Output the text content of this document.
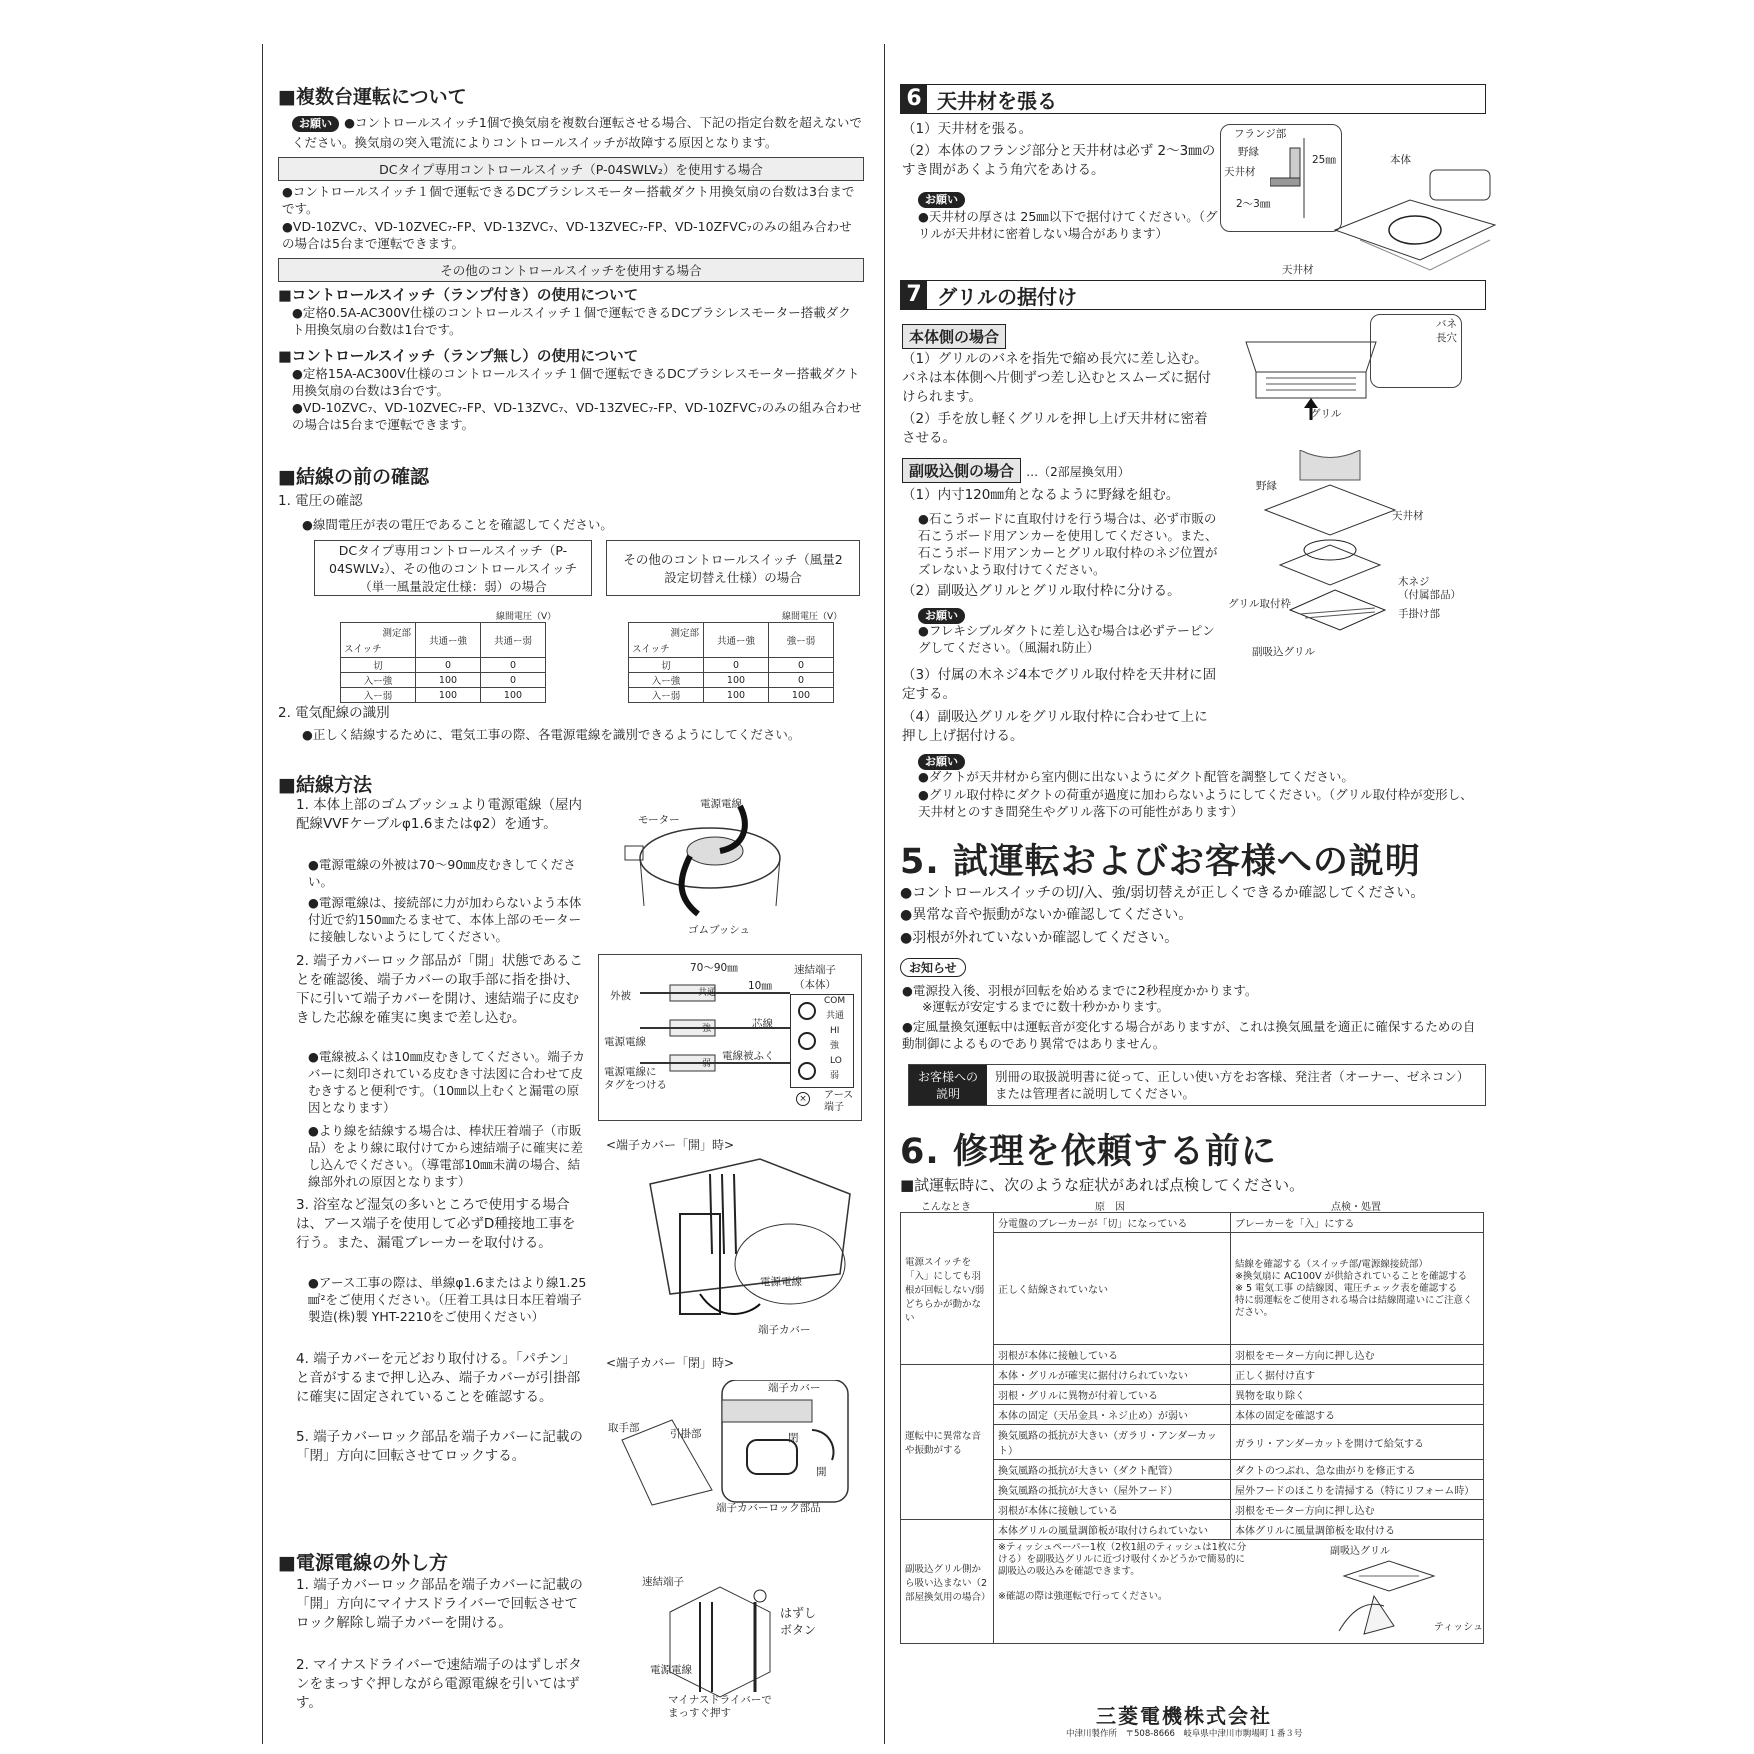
■複数台運転について
お願い ●コントロールスイッチ1個で換気扇を複数台運転させる場合、下記の指定台数を超えないでください。換気扇の突入電流によりコントロールスイッチが故障する原因となります。
DCタイプ専用コントロールスイッチ（P-04SWLV₂）を使用する場合
●コントロールスイッチ１個で運転できるDCブラシレスモーター搭載ダクト用換気扇の台数は3台までです。
●VD-10ZVC₇、VD-10ZVEC₇-FP、VD-13ZVC₇、VD-13ZVEC₇-FP、VD-10ZFVC₇のみの組み合わせの場合は5台まで運転できます。
その他のコントロールスイッチを使用する場合
■コントロールスイッチ（ランプ付き）の使用について
●定格0.5A-AC300V仕様のコントロールスイッチ１個で運転できるDCブラシレスモーター搭載ダクト用換気扇の台数は1台です。
■コントロールスイッチ（ランプ無し）の使用について
●定格15A-AC300V仕様のコントロールスイッチ１個で運転できるDCブラシレスモーター搭載ダクト用換気扇の台数は3台です。
●VD-10ZVC₇、VD-10ZVEC₇-FP、VD-13ZVC₇、VD-13ZVEC₇-FP、VD-10ZFVC₇のみの組み合わせの場合は5台まで運転できます。
■結線の前の確認
1. 電圧の確認
●線間電圧が表の電圧であることを確認してください。
DCタイプ専用コントロールスイッチ（P-04SWLV₂）、その他のコントロールスイッチ（単一風量設定仕様：弱）の場合
その他のコントロールスイッチ（風量2設定切替え仕様）の場合
線間電圧（V）
測定部
スイッチ	共通ー強	共通ー弱
切	0	0
入ー強	100	0
入ー弱	100	100
線間電圧（V）
測定部
スイッチ	共通ー強	強ー弱
切	0	0
入ー強	100	0
入ー弱	100	100
2. 電気配線の識別
●正しく結線するために、電気工事の際、各電源電線を識別できるようにしてください。
■結線方法
1. 本体上部のゴムブッシュより電源電線（屋内配線VVFケーブルφ1.6またはφ2）を通す。
●電源電線の外被は70〜90㎜皮むきしてください。
●電源電線は、接続部に力が加わらないよう本体付近で約150㎜たるませて、本体上部のモーターに接触しないようにしてください。
2. 端子カバーロック部品が「開」状態であることを確認後、端子カバーの取手部に指を掛け、下に引いて端子カバーを開け、速結端子に皮むきした芯線を確実に奥まで差し込む。
●電線被ふくは10㎜皮むきしてください。端子カバーに刻印されている皮むき寸法図に合わせて皮むきすると便利です。（10㎜以上むくと漏電の原因となります）
●より線を結線する場合は、棒状圧着端子（市販品）をより線に取付けてから速結端子に確実に差し込んでください。（導電部10㎜未満の場合、結線部外れの原因となります）
3. 浴室など湿気の多いところで使用する場合は、アース端子を使用して必ずD種接地工事を行う。また、漏電ブレーカーを取付ける。
●アース工事の際は、単線φ1.6またはより線1.25㎟²をご使用ください。（圧着工具は日本圧着端子製造(株)製 YHT-2210をご使用ください）
4. 端子カバーを元どおり取付ける。「パチン」と音がするまで押し込み、端子カバーが引掛部に確実に固定されていることを確認する。
5. 端子カバーロック部品を端子カバーに記載の「閉」方向に回転させてロックする。
■電源電線の外し方
1. 端子カバーロック部品を端子カバーに記載の「開」方向にマイナスドライバーで回転させてロック解除し端子カバーを開ける。
2. マイナスドライバーで速結端子のはずしボタンをまっすぐ押しながら電源電線を引いてはずす。
電源電線
モーター
ゴムブッシュ
70〜90㎜
10㎜
速結端子
（本体）
外被
電源電線
芯線
電線被ふく
電源電線に
タグをつける
共通
強
弱
COM
共通
HI
強
LO
弱
×	アース
端子
<端子カバー「開」時>
電源電線
端子カバー
<端子カバー「閉」時>
端子カバー
取手部	引掛部	閉
開
端子カバーロック部品
速結端子
はずし
ボタン
電源電線
マイナスドライバーで
まっすぐ押す
6 天井材を張る
（1）天井材を張る。
（2）本体のフランジ部分と天井材は必ず 2〜3㎜のすき間があくよう角穴をあける。
お願い
●天井材の厚さは 25㎜以下で据付けてください。（グリルが天井材に密着しない場合があります）
フランジ部
野縁
天井材
2〜3㎜
25㎜	本体
天井材
7 グリルの据付け
本体側の場合
（1）グリルのバネを指先で縮め長穴に差し込む。バネは本体側へ片側ずつ差し込むとスムーズに据付けられます。
（2）手を放し軽くグリルを押し上げ天井材に密着させる。
グリル
バネ
長穴
副吸込側の場合 …（2部屋換気用）
（1）内寸120㎜角となるように野縁を組む。
●石こうボードに直取付けを行う場合は、必ず市販の石こうボード用アンカーを使用してください。また、石こうボード用アンカーとグリル取付枠のネジ位置がズレないよう取付けてください。
（2）副吸込グリルとグリル取付枠に分ける。
お願い
●フレキシブルダクトに差し込む場合は必ずテーピングしてください。（風漏れ防止）
（3）付属の木ネジ4本でグリル取付枠を天井材に固定する。
（4）副吸込グリルをグリル取付枠に合わせて上に押し上げ据付ける。
野縁
天井材
木ネジ
（付属部品）
グリル取付枠
手掛け部
副吸込グリル
お願い
●ダクトが天井材から室内側に出ないようにダクト配管を調整してください。
●グリル取付枠にダクトの荷重が過度に加わらないようにしてください。（グリル取付枠が変形し、天井材とのすき間発生やグリル落下の可能性があります）
5. 試運転およびお客様への説明
●コントロールスイッチの切/入、強/弱切替えが正しくできるか確認してください。
●異常な音や振動がないか確認してください。
●羽根が外れていないか確認してください。
お知らせ
●電源投入後、羽根が回転を始めるまでに2秒程度かかります。
※運転が安定するまでに数十秒かかります。
●定風量換気運転中は運転音が変化する場合がありますが、これは換気風量を適正に確保するための自動制御によるものであり異常ではありません。
お客様への説明
別冊の取扱説明書に従って、正しい使い方をお客様、発注者（オーナー、ゼネコン）または管理者に説明してください。
6. 修理を依頼する前に
■試運転時に、次のような症状があれば点検してください。
こんなとき	原　因	点検・処置
電源スイッチを「入」にしても羽根が回転しない/弱 どちらかが動かない	分電盤のブレーカーが「切」になっている	ブレーカーを「入」にする
	正しく結線されていない	結線を確認する（スイッチ部/電源線接続部）
※換気扇に AC100V が供給されていることを確認する
※ 5 電気工事 の結線図、電圧チェック表を確認する
特に弱運転をご使用される場合は結線間違いにご注意ください。
	羽根が本体に接触している	羽根をモーター方向に押し込む
運転中に異常な音や振動がする	本体・グリルが確実に据付けられていない	正しく据付け直す
	羽根・グリルに異物が付着している	異物を取り除く
	本体の固定（天吊金具・ネジ止め）が弱い	本体の固定を確認する
	換気風路の抵抗が大きい（ガラリ・アンダーカット）	ガラリ・アンダーカットを開けて給気する
	換気風路の抵抗が大きい（ダクト配管）	ダクトのつぶれ、急な曲がりを修正する
	換気風路の抵抗が大きい（屋外フード）	屋外フードのほこりを清掃する（特にリフォーム時）
	羽根が本体に接触している	羽根をモーター方向に押し込む
副吸込グリル側から吸い込まない（2部屋換気用の場合）	本体グリルの風量調節板が取付けられていない	本体グリルに風量調節板を取付ける

	※ティッシュペーパー1枚（2枚1組のティッシュは1枚に分ける）を副吸込グリルに近づけ吸付くかどうかで簡易的に副吸込の吸込みを確認できます。
※確認の際は強運転で行ってください。
副吸込グリル
ティッシュ	
三菱電機株式会社
中津川製作所　〒508-8666　岐阜県中津川市駒場町１番３号
